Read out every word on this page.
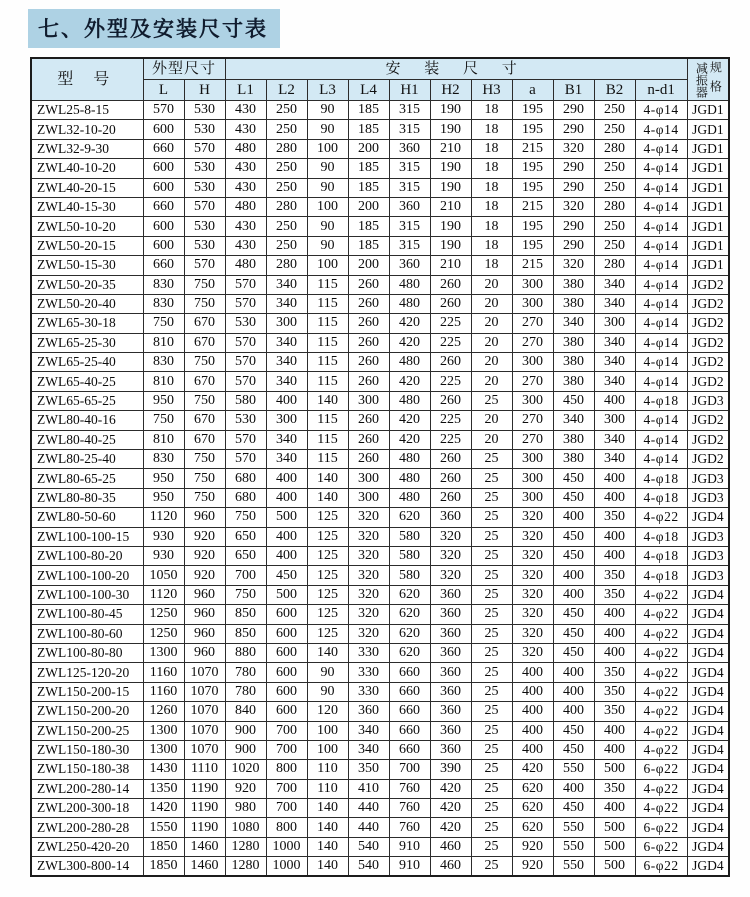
七、外型及安装尺寸表
型 号	外型尺寸		安 装 尺 寸											减振器 规格

	L	H	L1	L2	L3	L4	H1	H2	H3	a	B1	B2	n-d1	
ZWL25-8-15	570	530	430	250	90	185	315	190	18	195	290	250	4-φ14	JGD1
ZWL32-10-20	600	530	430	250	90	185	315	190	18	195	290	250	4-φ14	JGD1
ZWL32-9-30	660	570	480	280	100	200	360	210	18	215	320	280	4-φ14	JGD1
ZWL40-10-20	600	530	430	250	90	185	315	190	18	195	290	250	4-φ14	JGD1
ZWL40-20-15	600	530	430	250	90	185	315	190	18	195	290	250	4-φ14	JGD1
ZWL40-15-30	660	570	480	280	100	200	360	210	18	215	320	280	4-φ14	JGD1
ZWL50-10-20	600	530	430	250	90	185	315	190	18	195	290	250	4-φ14	JGD1
ZWL50-20-15	600	530	430	250	90	185	315	190	18	195	290	250	4-φ14	JGD1
ZWL50-15-30	660	570	480	280	100	200	360	210	18	215	320	280	4-φ14	JGD1
ZWL50-20-35	830	750	570	340	115	260	480	260	20	300	380	340	4-φ14	JGD2
ZWL50-20-40	830	750	570	340	115	260	480	260	20	300	380	340	4-φ14	JGD2
ZWL65-30-18	750	670	530	300	115	260	420	225	20	270	340	300	4-φ14	JGD2
ZWL65-25-30	810	670	570	340	115	260	420	225	20	270	380	340	4-φ14	JGD2
ZWL65-25-40	830	750	570	340	115	260	480	260	20	300	380	340	4-φ14	JGD2
ZWL65-40-25	810	670	570	340	115	260	420	225	20	270	380	340	4-φ14	JGD2
ZWL65-65-25	950	750	580	400	140	300	480	260	25	300	450	400	4-φ18	JGD3
ZWL80-40-16	750	670	530	300	115	260	420	225	20	270	340	300	4-φ14	JGD2
ZWL80-40-25	810	670	570	340	115	260	420	225	20	270	380	340	4-φ14	JGD2
ZWL80-25-40	830	750	570	340	115	260	480	260	25	300	380	340	4-φ14	JGD2
ZWL80-65-25	950	750	680	400	140	300	480	260	25	300	450	400	4-φ18	JGD3
ZWL80-80-35	950	750	680	400	140	300	480	260	25	300	450	400	4-φ18	JGD3
ZWL80-50-60	1120	960	750	500	125	320	620	360	25	320	400	350	4-φ22	JGD4
ZWL100-100-15	930	920	650	400	125	320	580	320	25	320	450	400	4-φ18	JGD3
ZWL100-80-20	930	920	650	400	125	320	580	320	25	320	450	400	4-φ18	JGD3
ZWL100-100-20	1050	920	700	450	125	320	580	320	25	320	400	350	4-φ18	JGD3
ZWL100-100-30	1120	960	750	500	125	320	620	360	25	320	400	350	4-φ22	JGD4
ZWL100-80-45	1250	960	850	600	125	320	620	360	25	320	450	400	4-φ22	JGD4
ZWL100-80-60	1250	960	850	600	125	320	620	360	25	320	450	400	4-φ22	JGD4
ZWL100-80-80	1300	960	880	600	140	330	620	360	25	320	450	400	4-φ22	JGD4
ZWL125-120-20	1160	1070	780	600	90	330	660	360	25	400	400	350	4-φ22	JGD4
ZWL150-200-15	1160	1070	780	600	90	330	660	360	25	400	400	350	4-φ22	JGD4
ZWL150-200-20	1260	1070	840	600	120	360	660	360	25	400	400	350	4-φ22	JGD4
ZWL150-200-25	1300	1070	900	700	100	340	660	360	25	400	450	400	4-φ22	JGD4
ZWL150-180-30	1300	1070	900	700	100	340	660	360	25	400	450	400	4-φ22	JGD4
ZWL150-180-38	1430	1110	1020	800	110	350	700	390	25	420	550	500	6-φ22	JGD4
ZWL200-280-14	1350	1190	920	700	110	410	760	420	25	620	400	350	4-φ22	JGD4
ZWL200-300-18	1420	1190	980	700	140	440	760	420	25	620	450	400	4-φ22	JGD4
ZWL200-280-28	1550	1190	1080	800	140	440	760	420	25	620	550	500	6-φ22	JGD4
ZWL250-420-20	1850	1460	1280	1000	140	540	910	460	25	920	550	500	6-φ22	JGD4
ZWL300-800-14	1850	1460	1280	1000	140	540	910	460	25	920	550	500	6-φ22	JGD4
